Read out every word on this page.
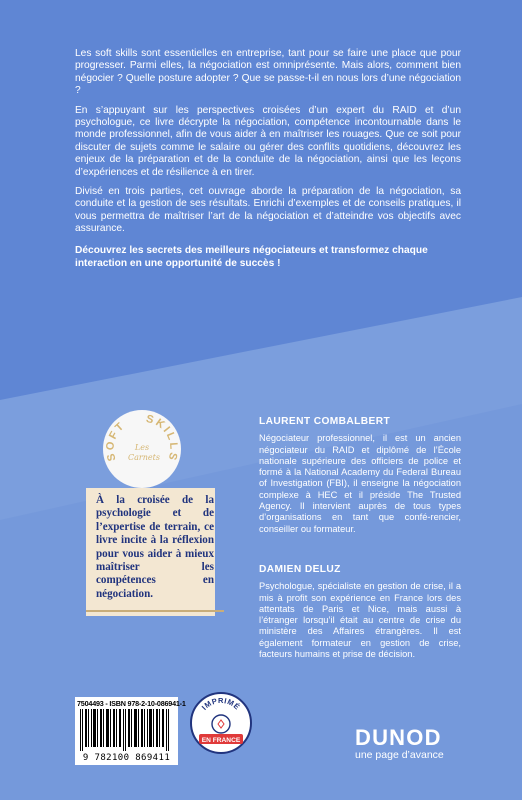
Les soft skills sont essentielles en entreprise, tant pour se faire une place que pour progresser. Parmi elles, la négociation est omniprésente. Mais alors, comment bien négocier ? Quelle posture adopter ? Que se passe-t-il en nous lors d’une négociation ?

En s’appuyant sur les perspectives croisées d’un expert du RAID et d’un psychologue, ce livre décrypte la négociation, compétence incontournable dans le monde professionnel, afin de vous aider à en maîtriser les rouages. Que ce soit pour discuter de sujets comme le salaire ou gérer des conflits quotidiens, découvrez les enjeux de la préparation et de la conduite de la négociation, ainsi que les leçons d’expériences et de résilience à en tirer.

Divisé en trois parties, cet ouvrage aborde la préparation de la négociation, sa conduite et la gestion de ses résultats. Enrichi d’exemples et de conseils pratiques, il vous permettra de maîtriser l’art de la négociation et d’atteindre vos objectifs avec assurance.

Découvrez les secrets des meilleurs négociateurs et transformez chaque interaction en une opportunité de succès !

SOFT SKILLS
Les
Carnets
À la croisée de la psychologie et de l’expertise de terrain, ce livre incite à la réflexion pour vous aider à mieux maîtriser les compétences en négociation.
LAURENT COMBALBERT

Négociateur professionnel, il est un ancien négociateur du RAID et diplômé de l’École nationale supérieure des officiers de police et formé à la National Academy du Federal Bureau of Investigation (FBI), il enseigne la négociation complexe à HEC et il préside The Trusted Agency. Il intervient auprès de tous types d’organisations en tant que confé-rencier, conseiller ou formateur.

DAMIEN DELUZ

Psychologue, spécialiste en gestion de crise, il a mis à profit son expérience en France lors des attentats de Paris et Nice, mais aussi à l’étranger lorsqu’il était au centre de crise du ministère des Affaires étrangères. Il est également formateur en gestion de crise, facteurs humains et prise de décision.

7504493 - ISBN 978-2-10-086941-1
9 782100 869411
IMPRIMÉ
EN FRANCE	DUNOD
une page d’avance
